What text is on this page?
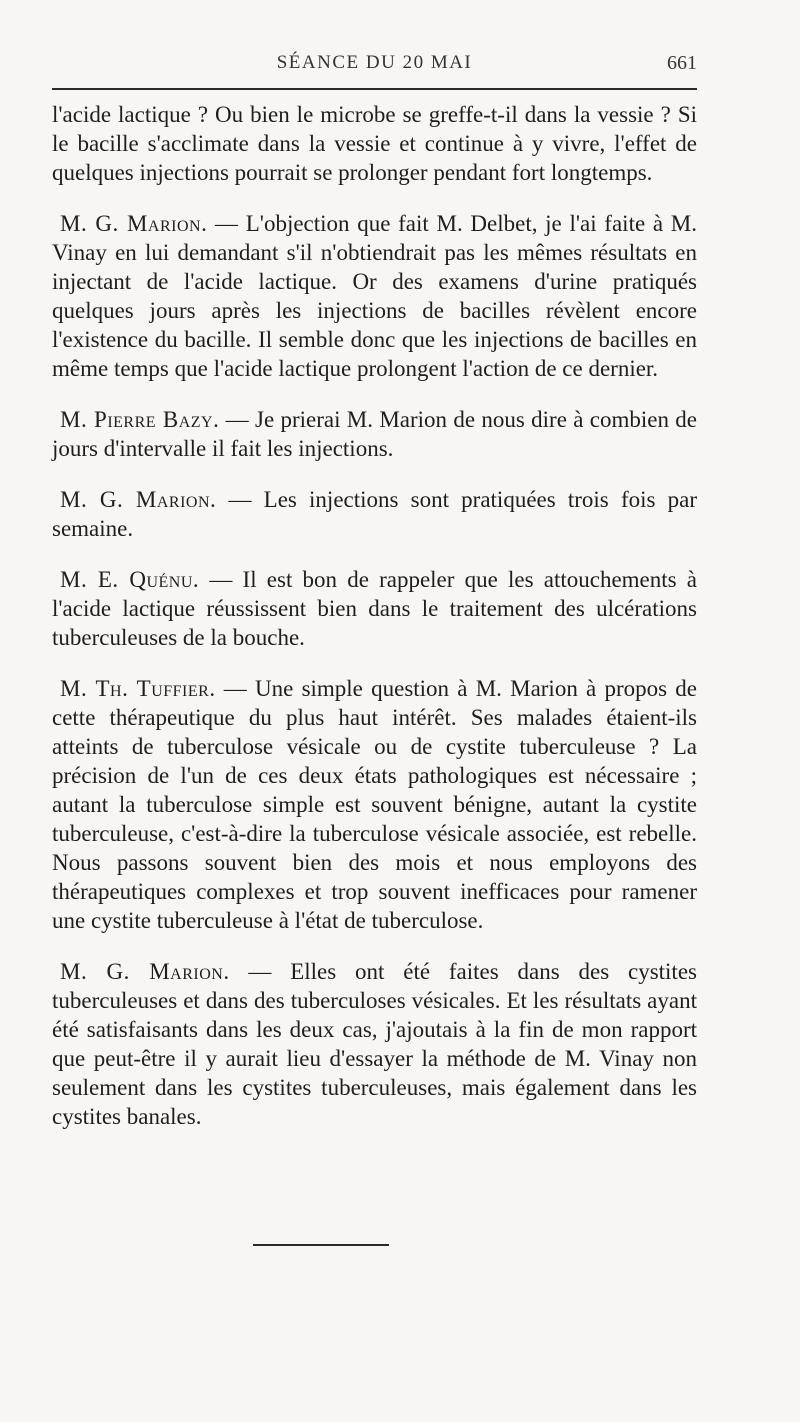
SÉANCE DU 20 MAI	661

l'acide lactique ? Ou bien le microbe se greffe-t-il dans la vessie ? Si le bacille s'acclimate dans la vessie et continue à y vivre, l'effet de quelques injections pourrait se prolonger pendant fort longtemps.

M. G. Marion. — L'objection que fait M. Delbet, je l'ai faite à M. Vinay en lui demandant s'il n'obtiendrait pas les mêmes résultats en injectant de l'acide lactique. Or des examens d'urine pratiqués quelques jours après les injections de bacilles révèlent encore l'existence du bacille. Il semble donc que les injections de bacilles en même temps que l'acide lactique prolongent l'action de ce dernier.

M. Pierre Bazy. — Je prierai M. Marion de nous dire à combien de jours d'intervalle il fait les injections.

M. G. Marion. — Les injections sont pratiquées trois fois par semaine.

M. E. Quénu. — Il est bon de rappeler que les attouchements à l'acide lactique réussissent bien dans le traitement des ulcérations tuberculeuses de la bouche.

M. Th. Tuffier. — Une simple question à M. Marion à propos de cette thérapeutique du plus haut intérêt. Ses malades étaient-ils atteints de tuberculose vésicale ou de cystite tuberculeuse ? La précision de l'un de ces deux états pathologiques est nécessaire ; autant la tuberculose simple est souvent bénigne, autant la cystite tuberculeuse, c'est-à-dire la tuberculose vésicale associée, est rebelle. Nous passons souvent bien des mois et nous employons des thérapeutiques complexes et trop souvent inefficaces pour ramener une cystite tuberculeuse à l'état de tuberculose.

M. G. Marion. — Elles ont été faites dans des cystites tuberculeuses et dans des tuberculoses vésicales. Et les résultats ayant été satisfaisants dans les deux cas, j'ajoutais à la fin de mon rapport que peut-être il y aurait lieu d'essayer la méthode de M. Vinay non seulement dans les cystites tuberculeuses, mais également dans les cystites banales.
